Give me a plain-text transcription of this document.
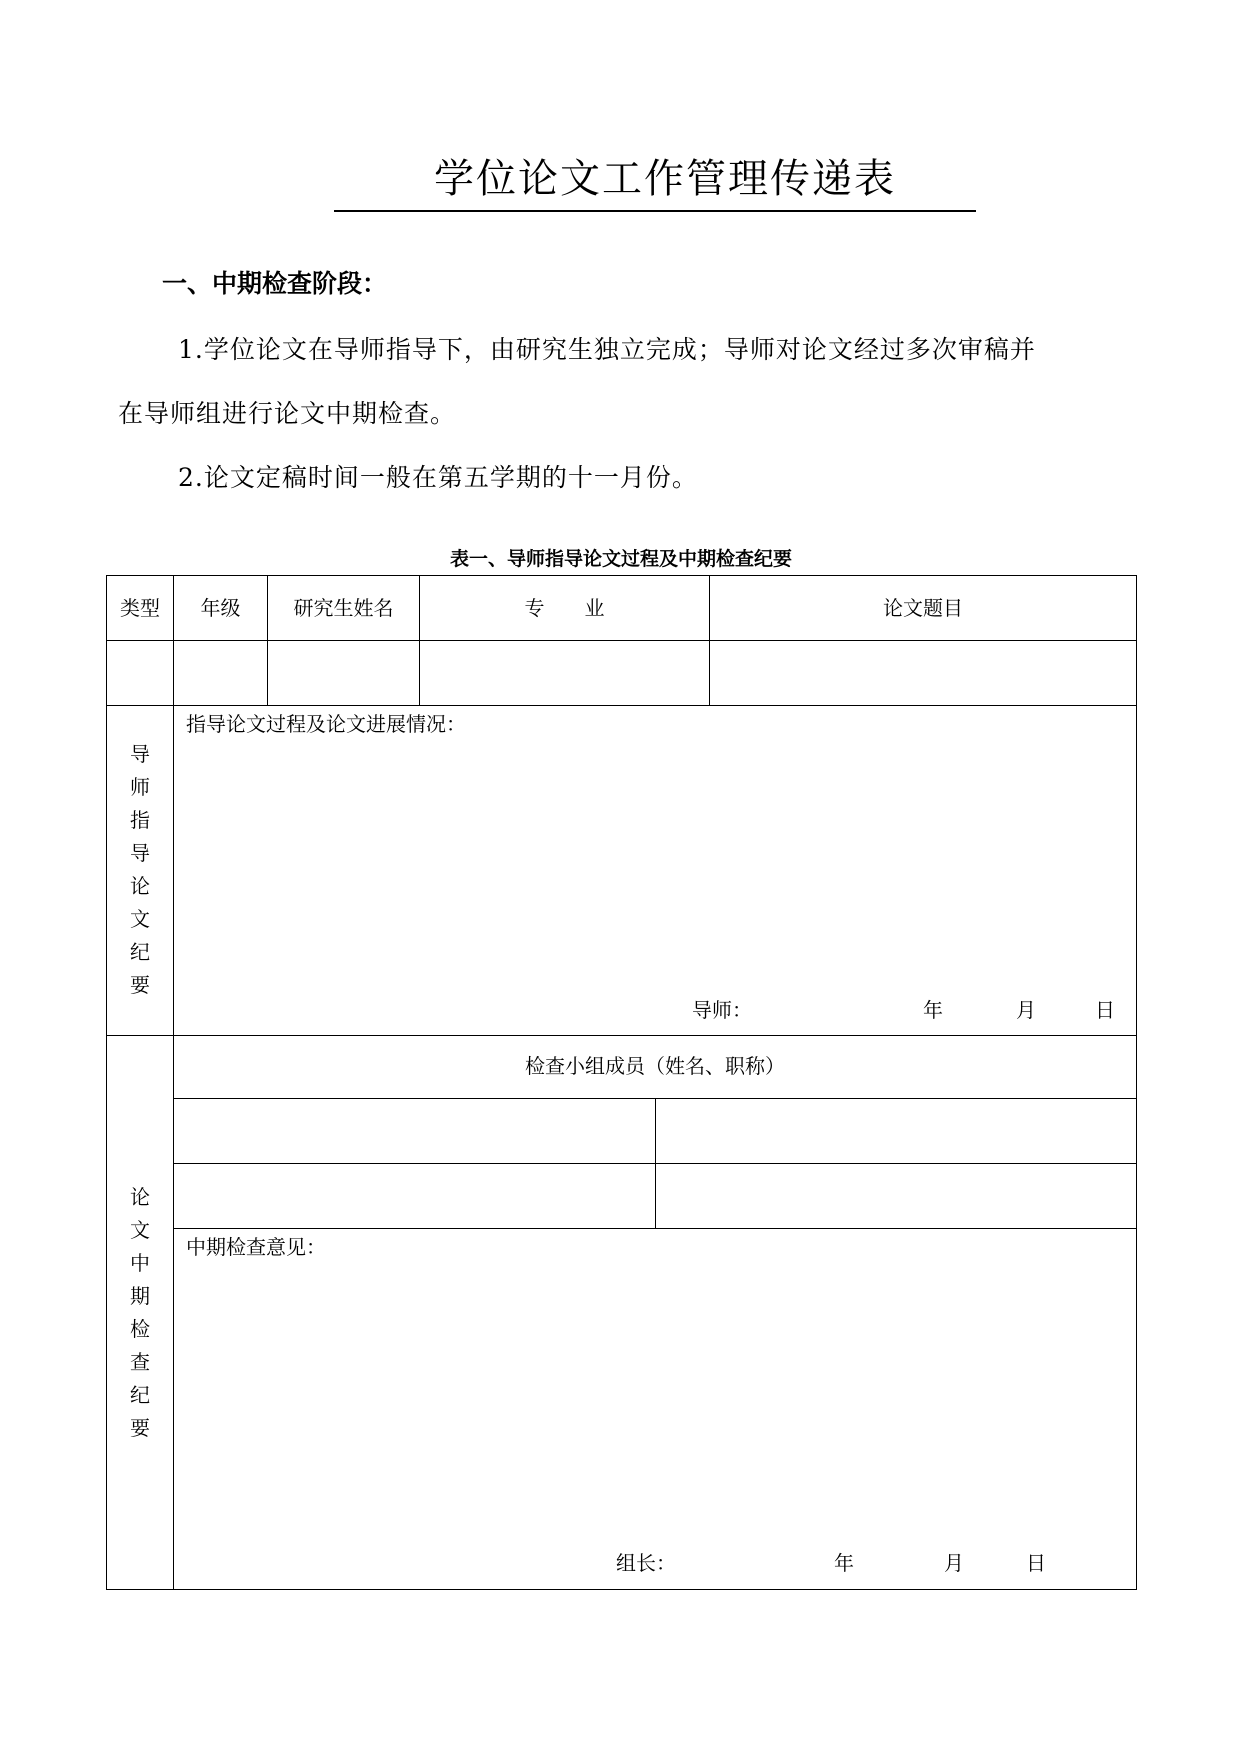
学位论文工作管理传递表
一、中期检查阶段：
1.学位论文在导师指导下，由研究生独立完成；导师对论文经过多次审稿并
在导师组进行论文中期检查。
2.论文定稿时间一般在第五学期的十一月份。
表一、导师指导论文过程及中期检查纪要
类型	年级	研究生姓名	专　　业	论文题目
导
师
指
导
论
文
纪
要
指导论文过程及论文进展情况：
导师：	年	月	日
论
文
中
期
检
查
纪
要
检查小组成员（姓名、职称）
中期检查意见：
组长：	年	月	日
